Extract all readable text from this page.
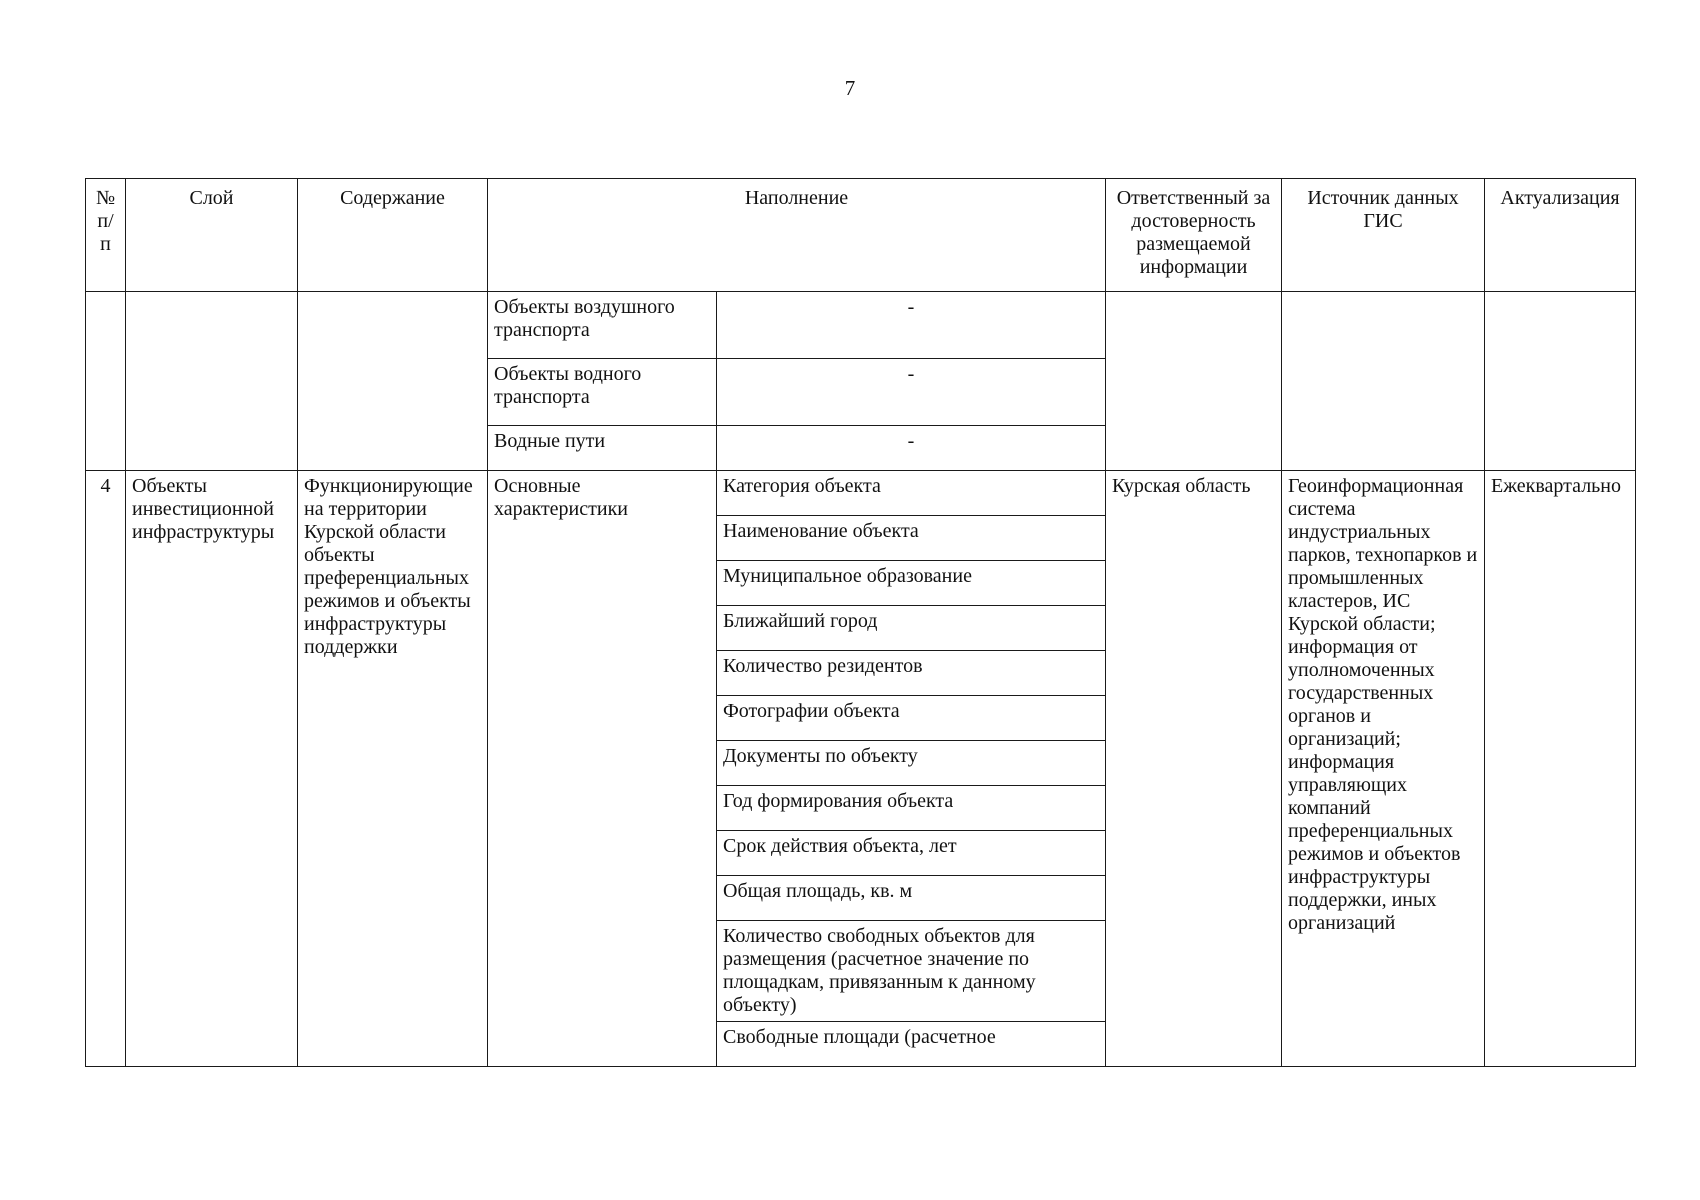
7
№ п/ п	Слой	Содержание	Наполнение		Ответственный за достоверность размещаемой информации	Источник данных ГИС	Актуализация
			Объекты воздушного транспорта	-			
			Объекты водного транспорта	-			
			Водные пути	-			
4	Объекты инвестиционной инфраструктуры	Функционирующие на территории Курской области объекты преференциальных режимов и объекты инфраструктуры поддержки	Основные характеристики	Категория объекта	Курская область	Геоинформационная система индустриальных парков, технопарков и промышленных кластеров, ИС Курской области; информация от уполномоченных государственных органов и организаций; информация управляющих компаний преференциальных режимов и объектов инфраструктуры поддержки, иных организаций	Ежеквартально
				Наименование объекта			
				Муниципальное образование			
				Ближайший город			
				Количество резидентов			
				Фотографии объекта			
				Документы по объекту			
				Год формирования объекта			
				Срок действия объекта, лет			
				Общая площадь, кв. м			
				Количество свободных объектов для размещения (расчетное значение по площадкам, привязанным к данному объекту)			
				Свободные площади (расчетное			
